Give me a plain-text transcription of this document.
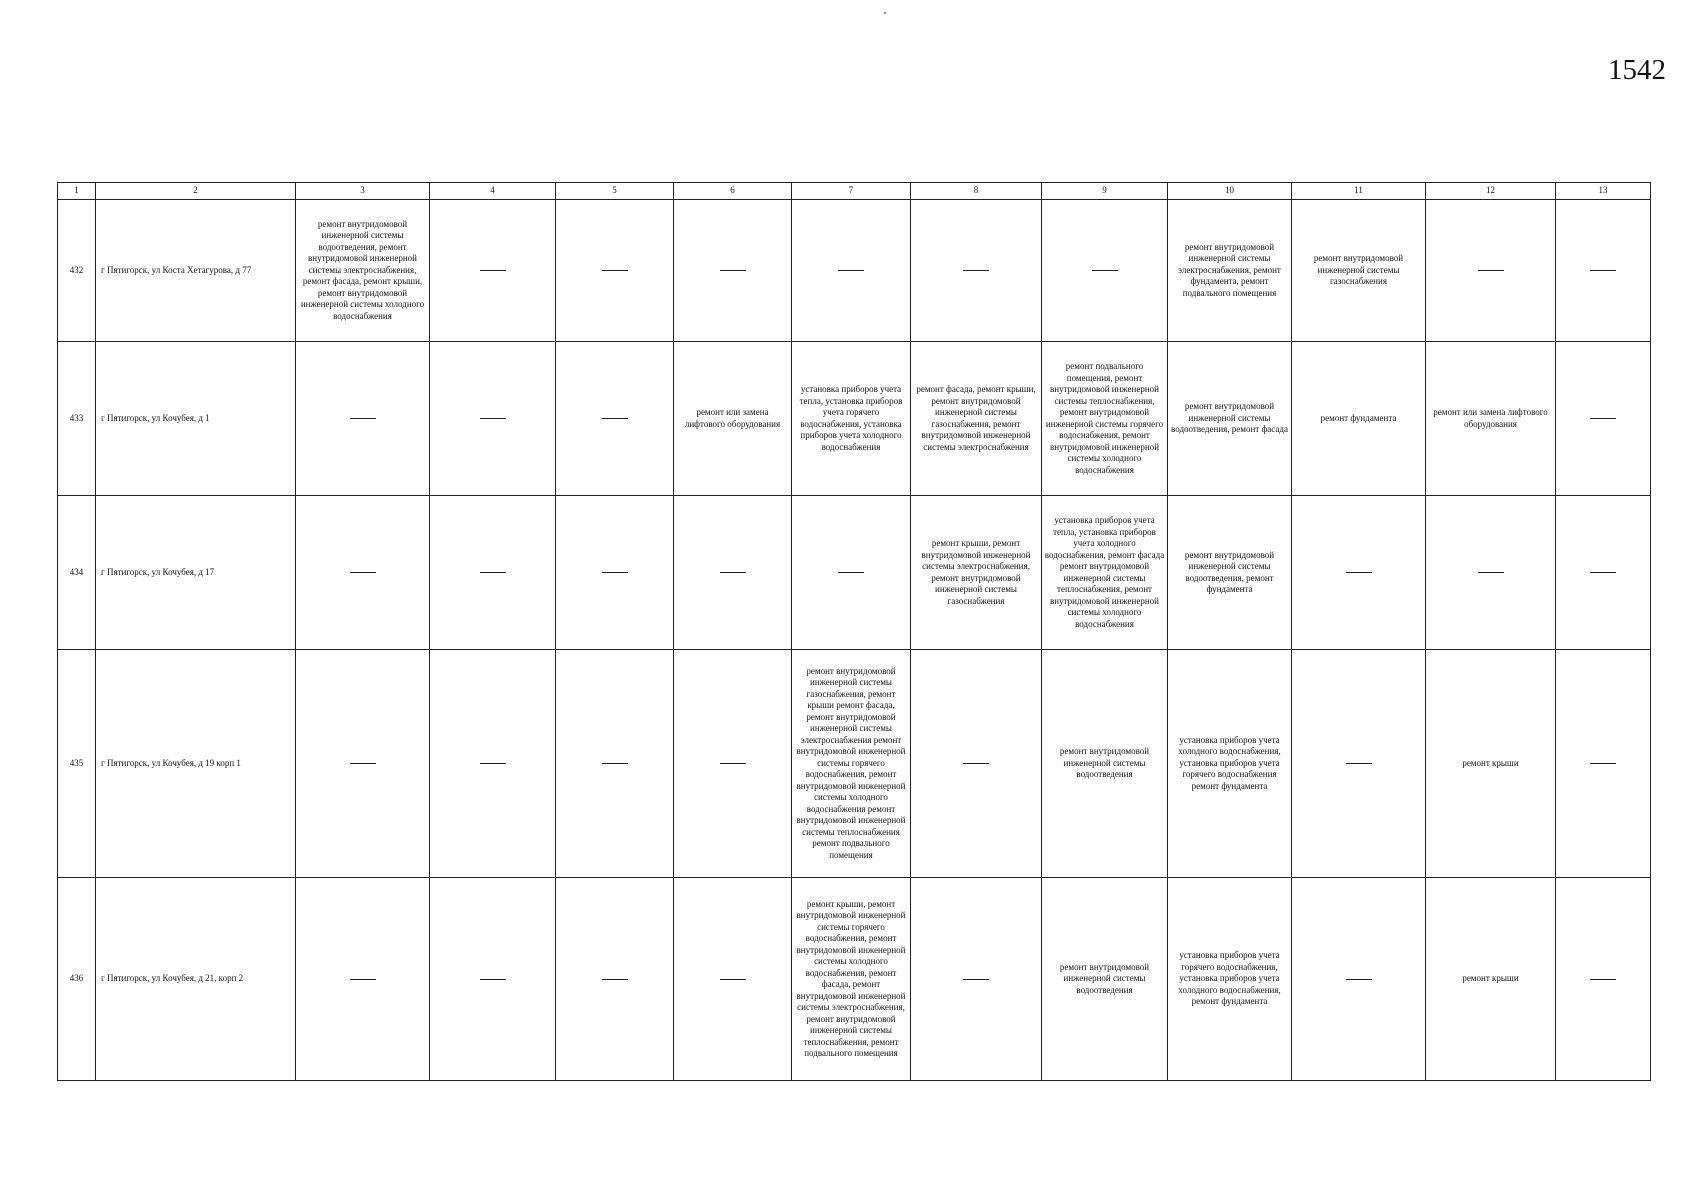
1542
1	2	3	4	5	6	7	8	9	10	11	12	13
432	г Пятигорск, ул Коста Хетагурова, д 77	ремонт внутридомовой инженерной системы водоотведения, ремонт внутридомовой инженерной системы электроснабжения, ремонт фасада, ремонт крыши, ремонт внутридомовой инженерной системы холодного водоснабжения							ремонт внутридомовой инженерной системы электроснабжения, ремонт фундамента, ремонт подвального помещения	ремонт внутридомовой инженерной системы газоснабжения		
433	г Пятигорск, ул Кочубея, д 1				ремонт или замена лифтового оборудования	установка приборов учета тепла, установка приборов учета горячего водоснабжения, установка приборов учета холодного водоснабжения	ремонт фасада, ремонт крыши, ремонт внутридомовой инженерной системы газоснабжения, ремонт внутридомовой инженерной системы электроснабжения	ремонт подвального помещения, ремонт внутридомовой инженерной системы теплоснабжения, ремонт внутридомовой инженерной системы горячего водоснабжения, ремонт внутридомовой инженерной системы холодного водоснабжения	ремонт внутридомовой инженерной системы водоотведения, ремонт фасада	ремонт фундамента	ремонт или замена лифтового оборудования	
434	г Пятигорск, ул Кочубея, д 17						ремонт крыши, ремонт внутридомовой инженерной системы электроснабжения, ремонт внутридомовой инженерной системы газоснабжения	установка приборов учета тепла, установка приборов учета холодного водоснабжения, ремонт фасада ремонт внутридомовой инженерной системы теплоснабжения, ремонт внутридомовой инженерной системы холодного водоснабжения	ремонт внутридомовой инженерной системы водоотведения, ремонт фундамента			
435	г Пятигорск, ул Кочубея, д 19 корп 1					ремонт внутридомовой инженерной системы газоснабжения, ремонт крыши ремонт фасада, ремонт внутридомовой инженерной системы электроснабжения ремонт внутридомовой инженерной системы горячего водоснабжения, ремонт внутридомовой инженерной системы холодного водоснабжения ремонт внутридомовой инженерной системы теплоснабжения ремонт подвального помещения		ремонт внутридомовой инженерной системы водоотведения	установка приборов учета холодного водоснабжения, установка приборов учета горячего водоснабжения ремонт фундамента		ремонт крыши	
436	г Пятигорск, ул Кочубея, д 21, корп 2					ремонт крыши, ремонт внутридомовой инженерной системы горячего водоснабжения, ремонт внутридомовой инженерной системы холодного водоснабжения, ремонт фасада, ремонт внутридомовой инженерной системы электроснабжения, ремонт внутридомовой инженерной системы теплоснабжения, ремонт подвального помещения		ремонт внутридомовой инженерной системы водоотведения	установка приборов учета горячего водоснабжения, установка приборов учета холодного водоснабжения, ремонт фундамента		ремонт крыши	
